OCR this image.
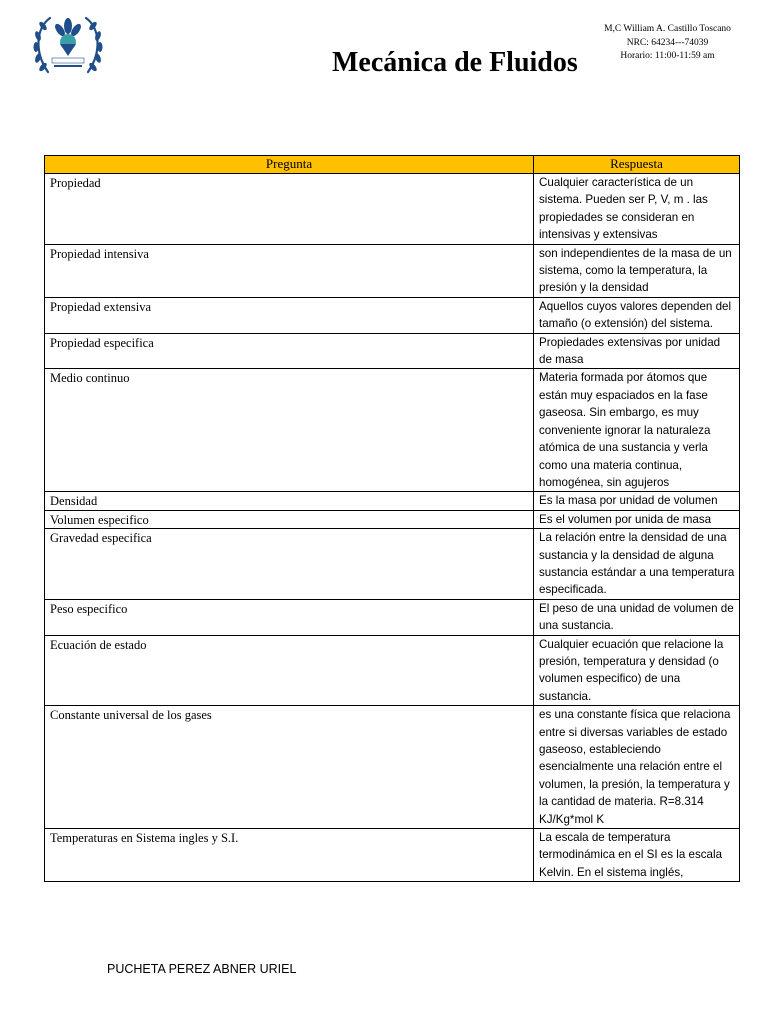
Mecánica de Fluidos
M,C William A. Castillo Toscano
NRC: 64234---74039
Horario: 11:00-11:59 am
Pregunta	Respuesta
Propiedad	Cualquier característica de un sistema. Pueden ser P, V, m . las propiedades se consideran en intensivas y extensivas
Propiedad intensiva	son independientes de la masa de un sistema, como la temperatura, la presión y la densidad
Propiedad extensiva	Aquellos cuyos valores dependen del tamaño (o extensión) del sistema.
Propiedad especifica	Propiedades extensivas por unidad de masa
Medio continuo	Materia formada por átomos que están muy espaciados en la fase gaseosa. Sin embargo, es muy conveniente ignorar la naturaleza atómica de una sustancia y verla como una materia continua, homogénea, sin agujeros
Densidad	Es la masa por unidad de volumen
Volumen especifico	Es el volumen por unida de masa
Gravedad especifica	La relación entre la densidad de una sustancia y la densidad de alguna sustancia estándar a una temperatura especificada.
Peso especifico	El peso de una unidad de volumen de una sustancia.
Ecuación de estado	Cualquier ecuación que relacione la presión, temperatura y densidad (o volumen especifico) de una sustancia.
Constante universal de los gases	es una constante física que relaciona entre si diversas variables de estado gaseoso, estableciendo esencialmente una relación entre el volumen, la presión, la temperatura y la cantidad de materia. R=8.314 KJ/Kg*mol K
Temperaturas en Sistema ingles y S.I.	La escala de temperatura termodinámica en el SI es la escala Kelvin. En el sistema inglés,
PUCHETA PEREZ ABNER URIEL
